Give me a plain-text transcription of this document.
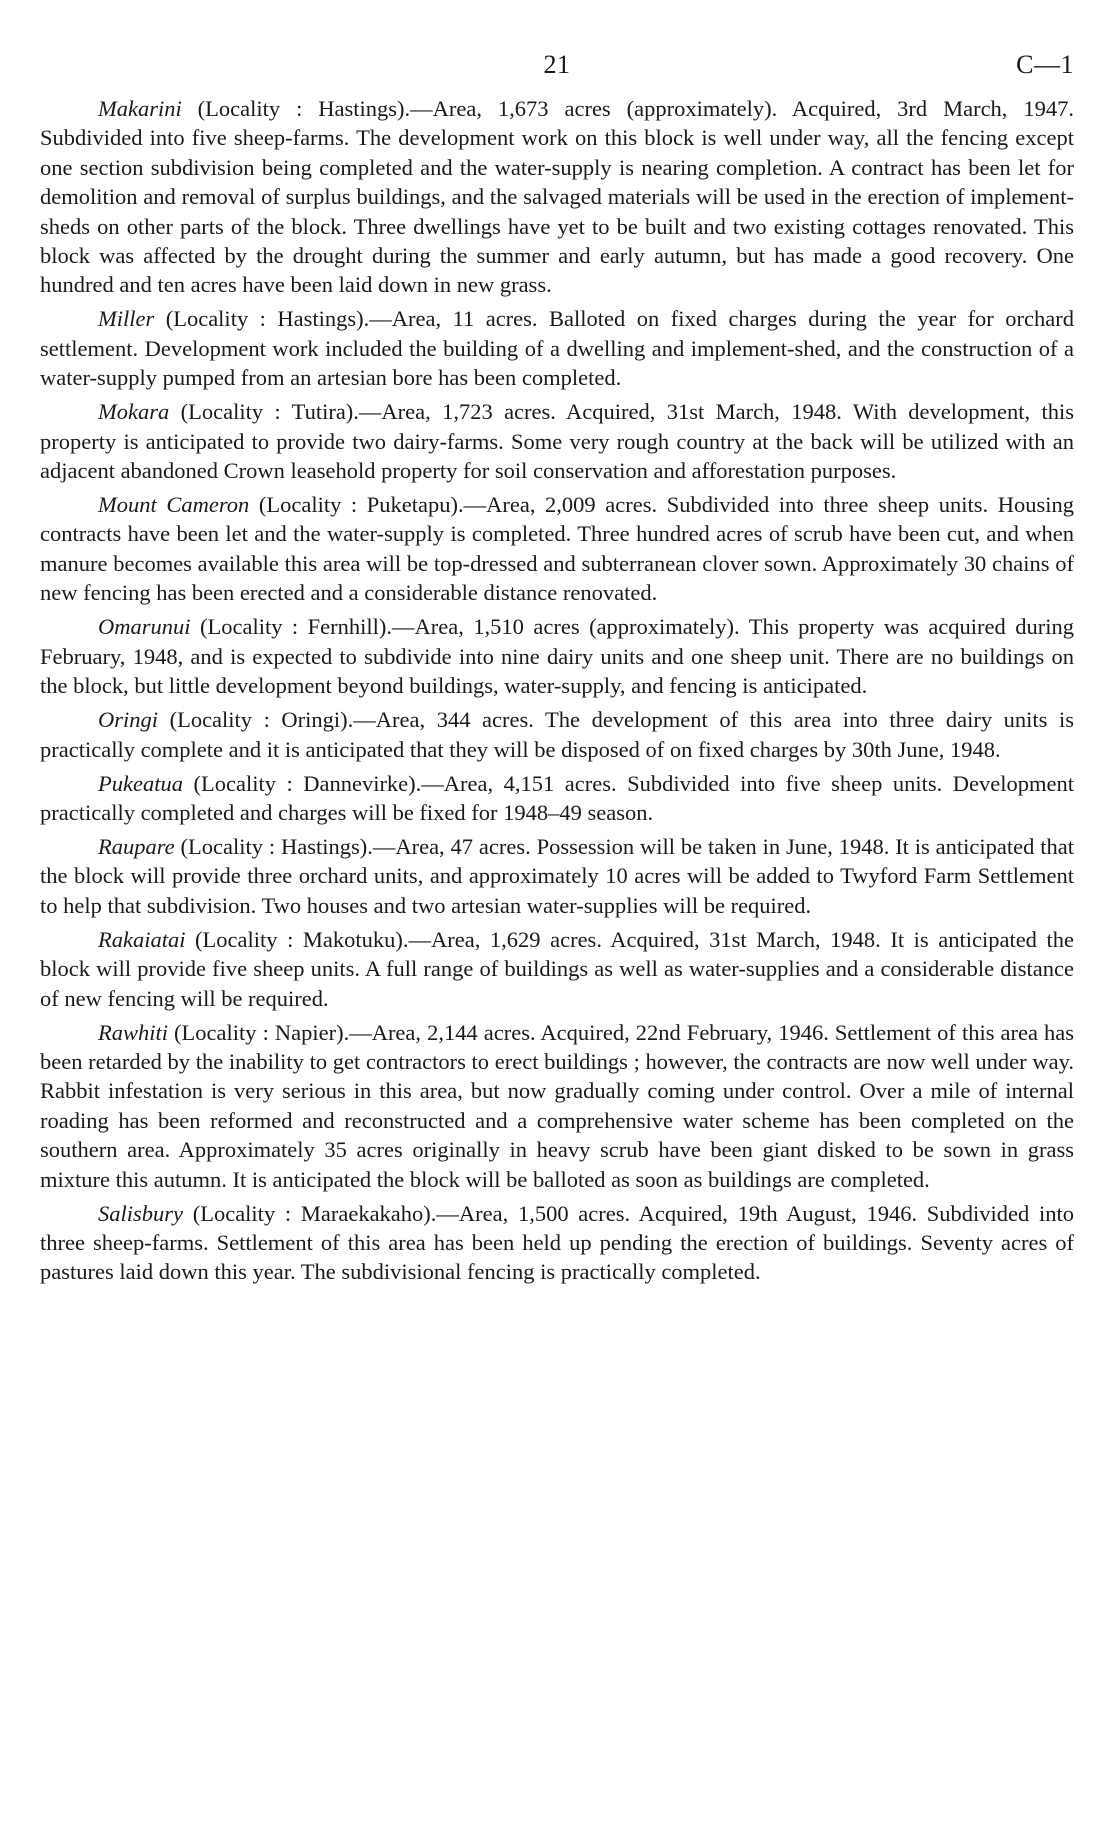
21	C—1

Makarini (Locality : Hastings).—Area, 1,673 acres (approximately). Acquired, 3rd March, 1947. Subdivided into five sheep-farms. The development work on this block is well under way, all the fencing except one section subdivision being completed and the water-supply is nearing completion. A contract has been let for demolition and removal of surplus buildings, and the salvaged materials will be used in the erection of implement-sheds on other parts of the block. Three dwellings have yet to be built and two existing cottages renovated. This block was affected by the drought during the summer and early autumn, but has made a good recovery. One hundred and ten acres have been laid down in new grass.

Miller (Locality : Hastings).—Area, 11 acres. Balloted on fixed charges during the year for orchard settlement. Development work included the building of a dwelling and implement-shed, and the construction of a water-supply pumped from an artesian bore has been completed.

Mokara (Locality : Tutira).—Area, 1,723 acres. Acquired, 31st March, 1948. With development, this property is anticipated to provide two dairy-farms. Some very rough country at the back will be utilized with an adjacent abandoned Crown leasehold property for soil conservation and afforestation purposes.

Mount Cameron (Locality : Puketapu).—Area, 2,009 acres. Subdivided into three sheep units. Housing contracts have been let and the water-supply is completed. Three hundred acres of scrub have been cut, and when manure becomes available this area will be top-dressed and subterranean clover sown. Approximately 30 chains of new fencing has been erected and a considerable distance renovated.

Omarunui (Locality : Fernhill).—Area, 1,510 acres (approximately). This property was acquired during February, 1948, and is expected to subdivide into nine dairy units and one sheep unit. There are no buildings on the block, but little development beyond buildings, water-supply, and fencing is anticipated.

Oringi (Locality : Oringi).—Area, 344 acres. The development of this area into three dairy units is practically complete and it is anticipated that they will be disposed of on fixed charges by 30th June, 1948.

Pukeatua (Locality : Dannevirke).—Area, 4,151 acres. Subdivided into five sheep units. Development practically completed and charges will be fixed for 1948–49 season.

Raupare (Locality : Hastings).—Area, 47 acres. Possession will be taken in June, 1948. It is anticipated that the block will provide three orchard units, and approximately 10 acres will be added to Twyford Farm Settlement to help that subdivision. Two houses and two artesian water-supplies will be required.

Rakaiatai (Locality : Makotuku).—Area, 1,629 acres. Acquired, 31st March, 1948. It is anticipated the block will provide five sheep units. A full range of buildings as well as water-supplies and a considerable distance of new fencing will be required.

Rawhiti (Locality : Napier).—Area, 2,144 acres. Acquired, 22nd February, 1946. Settlement of this area has been retarded by the inability to get contractors to erect buildings ; however, the contracts are now well under way. Rabbit infestation is very serious in this area, but now gradually coming under control. Over a mile of internal roading has been reformed and reconstructed and a comprehensive water scheme has been completed on the southern area. Approximately 35 acres originally in heavy scrub have been giant disked to be sown in grass mixture this autumn. It is anticipated the block will be balloted as soon as buildings are completed.

Salisbury (Locality : Maraekakaho).—Area, 1,500 acres. Acquired, 19th August, 1946. Subdivided into three sheep-farms. Settlement of this area has been held up pending the erection of buildings. Seventy acres of pastures laid down this year. The subdivisional fencing is practically completed.
